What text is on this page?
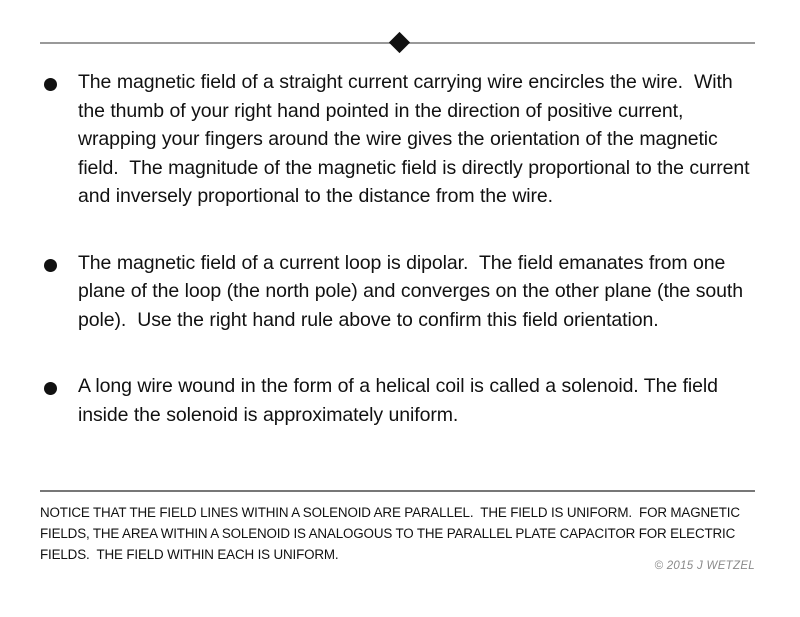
The magnetic field of a straight current carrying wire encircles the wire.  With the thumb of your right hand pointed in the direction of positive current, wrapping your fingers around the wire gives the orientation of the magnetic field.  The magnitude of the magnetic field is directly proportional to the current and inversely proportional to the distance from the wire.
The magnetic field of a current loop is dipolar.  The field emanates from one plane of the loop (the north pole) and converges on the other plane (the south pole).  Use the right hand rule above to confirm this field orientation.
A long wire wound in the form of a helical coil is called a solenoid. The field inside the solenoid is approximately uniform.
NOTICE THAT THE FIELD LINES WITHIN A SOLENOID ARE PARALLEL.  THE FIELD IS UNIFORM.  FOR MAGNETIC FIELDS, THE AREA WITHIN A SOLENOID IS ANALOGOUS TO THE PARALLEL PLATE CAPACITOR FOR ELECTRIC FIELDS.  THE FIELD WITHIN EACH IS UNIFORM.
© 2015 J WETZEL
